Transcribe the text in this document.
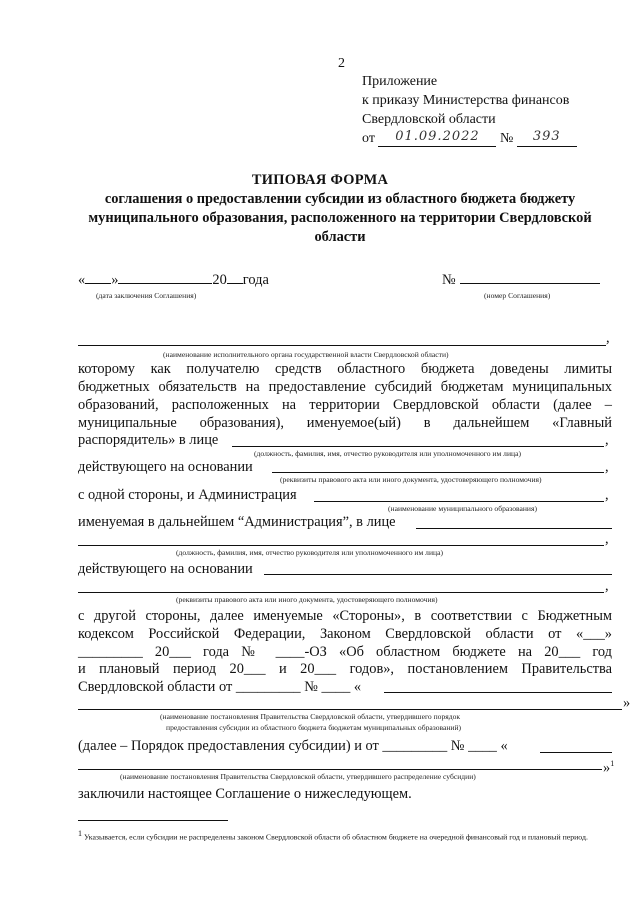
2
Приложение
к приказу Министерства финансов
Свердловской области
от 01.09.2022 № 393
ТИПОВАЯ ФОРМА
соглашения о предоставлении субсидии из областного бюджета бюджету муниципального образования, расположенного на территории Свердловской области
« »	20 года
(дата заключения Соглашения)
№
(номер Соглашения)
,
(наименование исполнительного органа государственной власти Свердловской области)
которому как получателю средств областного бюджета доведены лимиты
бюджетных обязательств на предоставление субсидий бюджетам муниципальных
образований, расположенных на территории Свердловской области (далее –
муниципальные образования), именуемое(ый) в дальнейшем «Главный
распорядитель» в лице	,
(должность, фамилия, имя, отчество руководителя или уполномоченного им лица)
действующего на основании	,
(реквизиты правового акта или иного документа, удостоверяющего полномочия)
с одной стороны, и Администрация	,
(наименование муниципального образования)
именуемая в дальнейшем “Администрация”, в лице
,
(должность, фамилия, имя, отчество руководителя или уполномоченного им лица)
действующего на основании
,
(реквизиты правового акта или иного документа, удостоверяющего полномочия)
с другой стороны, далее именуемые «Стороны», в соответствии с Бюджетным
кодексом Российской Федерации, Законом Свердловской области от «___»
_________ 20___ года № ____-ОЗ «Об областном бюджете на 20___ год
и плановый период 20___ и 20___ годов», постановлением Правительства
Свердловской области от _________ № ____ «
»
(наименование постановления Правительства Свердловской области, утвердившего порядок
предоставления субсидии из областного бюджета бюджетам муниципальных образований)
(далее – Порядок предоставления субсидии) и от _________ № ____ «
»$^1$
(наименование постановления Правительства Свердловской области, утвердившего распределение субсидии)
заключили настоящее Соглашение о нижеследующем.
$^1$ Указывается, если субсидии не распределены законом Свердловской области об областном бюджете на очередной финансовый год и плановый период.
